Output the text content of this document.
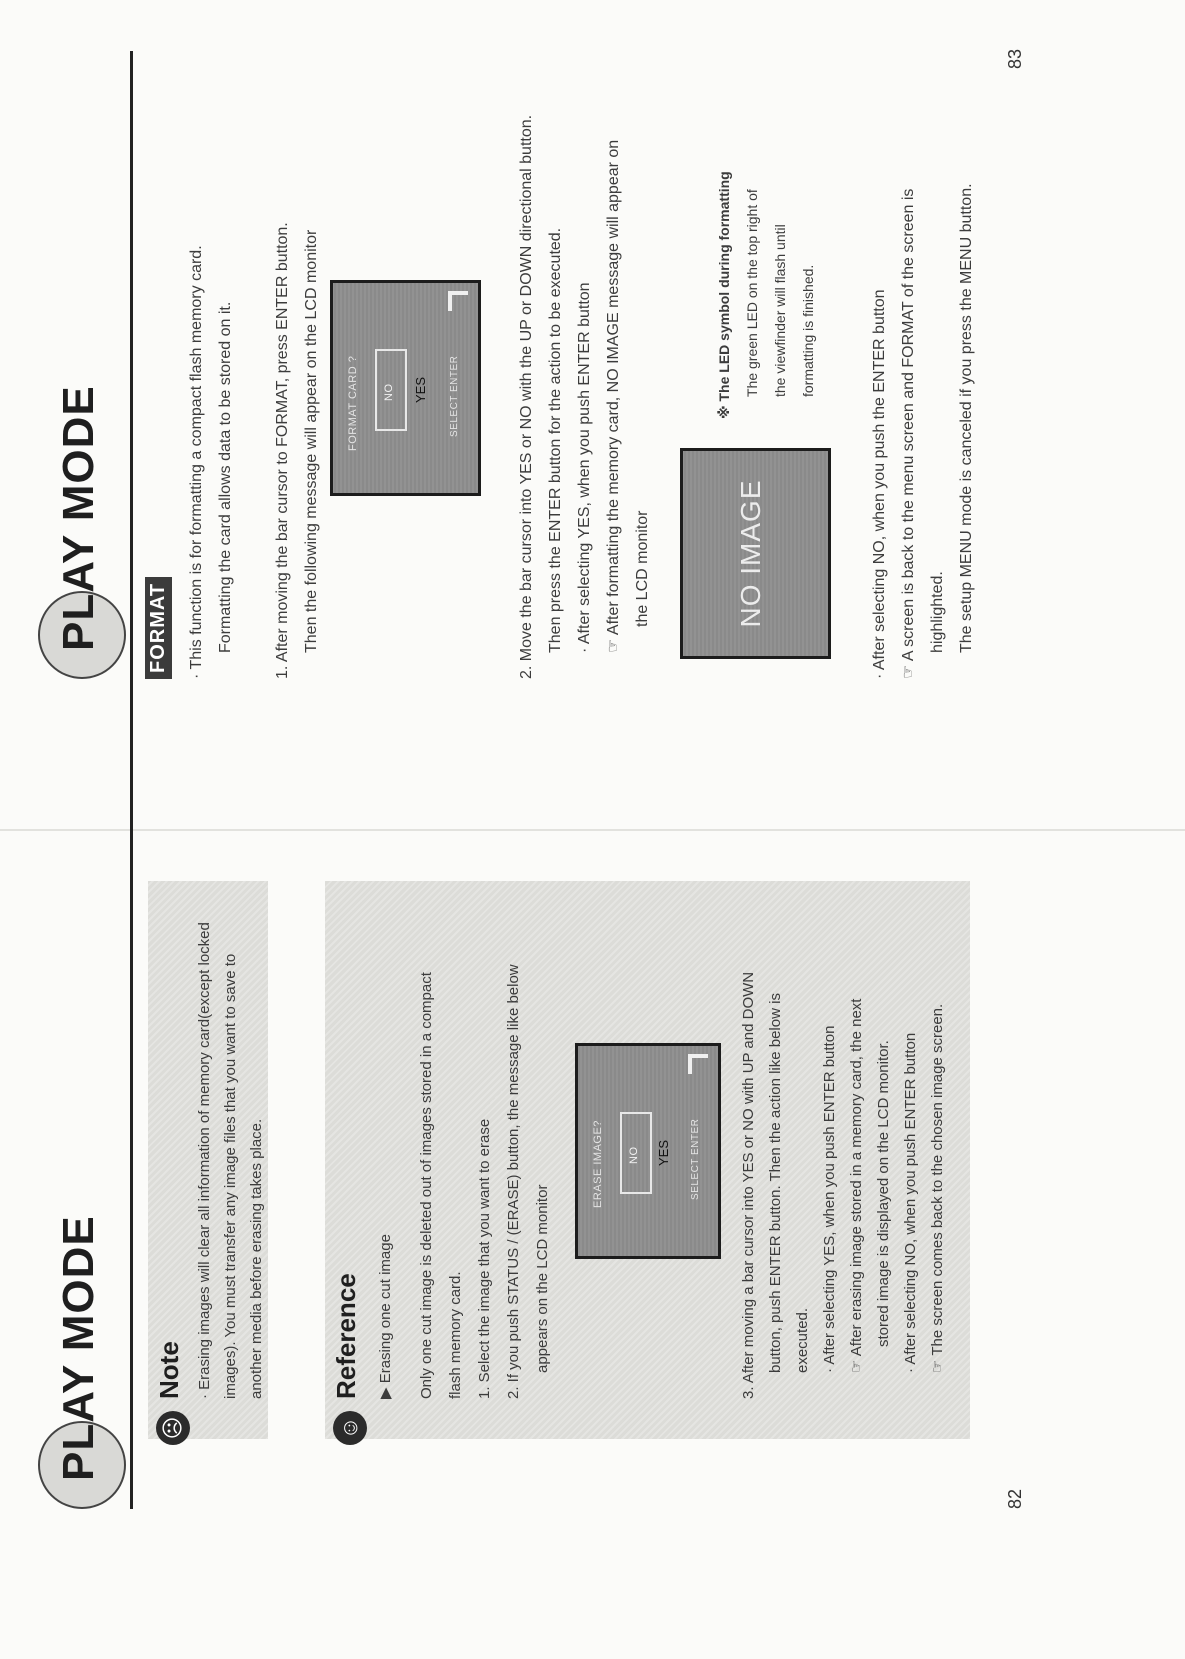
PLAY MODE	☹
Note · Erasing images will clear all information of memory card(except locked images). You must transfer any image files that you want to save to another media before erasing takes place.

☺
Reference	▶ Erasing one cut image	Only one cut image is deleted out of images stored in a compact flash memory card. 1. Select the image that you want to erase 2. If you push STATUS / (ERASE) button, the message like below appears on the LCD monitor

ERASE IMAGE? NO YES SELECT ENTER	3. After moving a bar cursor into YES or NO with UP and DOWN button, push ENTER button. Then the action like below is executed. · After selecting YES, when you push ENTER button ☞ After erasing image stored in a memory card, the next stored image is displayed on the LCD monitor. · After selecting NO, when you push ENTER button ☞ The screen comes back to the chosen image screen.

82
PLAY MODE FORMAT	· This function is for formatting a compact flash memory card. Formatting the card allows data to be stored on it.	1. After moving the bar cursor to FORMAT, press ENTER button. Then the following message will appear on the LCD monitor	FORMAT CARD ? NO YES SELECT ENTER	2. Move the bar cursor into YES or NO with the UP or DOWN directional button. Then press the ENTER button for the action to be executed. · After selecting YES, when you push ENTER button ☞ After formatting the memory card, NO IMAGE message will appear on the LCD monitor	NO IMAGE

※ The LED symbol during formatting The green LED on the top right of the viewfinder will flash until formatting is finished.	· After selecting NO, when you push the ENTER button ☞ A screen is back to the menu screen and FORMAT of the screen is highlighted. The setup MENU mode is canceled if you press the MENU button.

83
